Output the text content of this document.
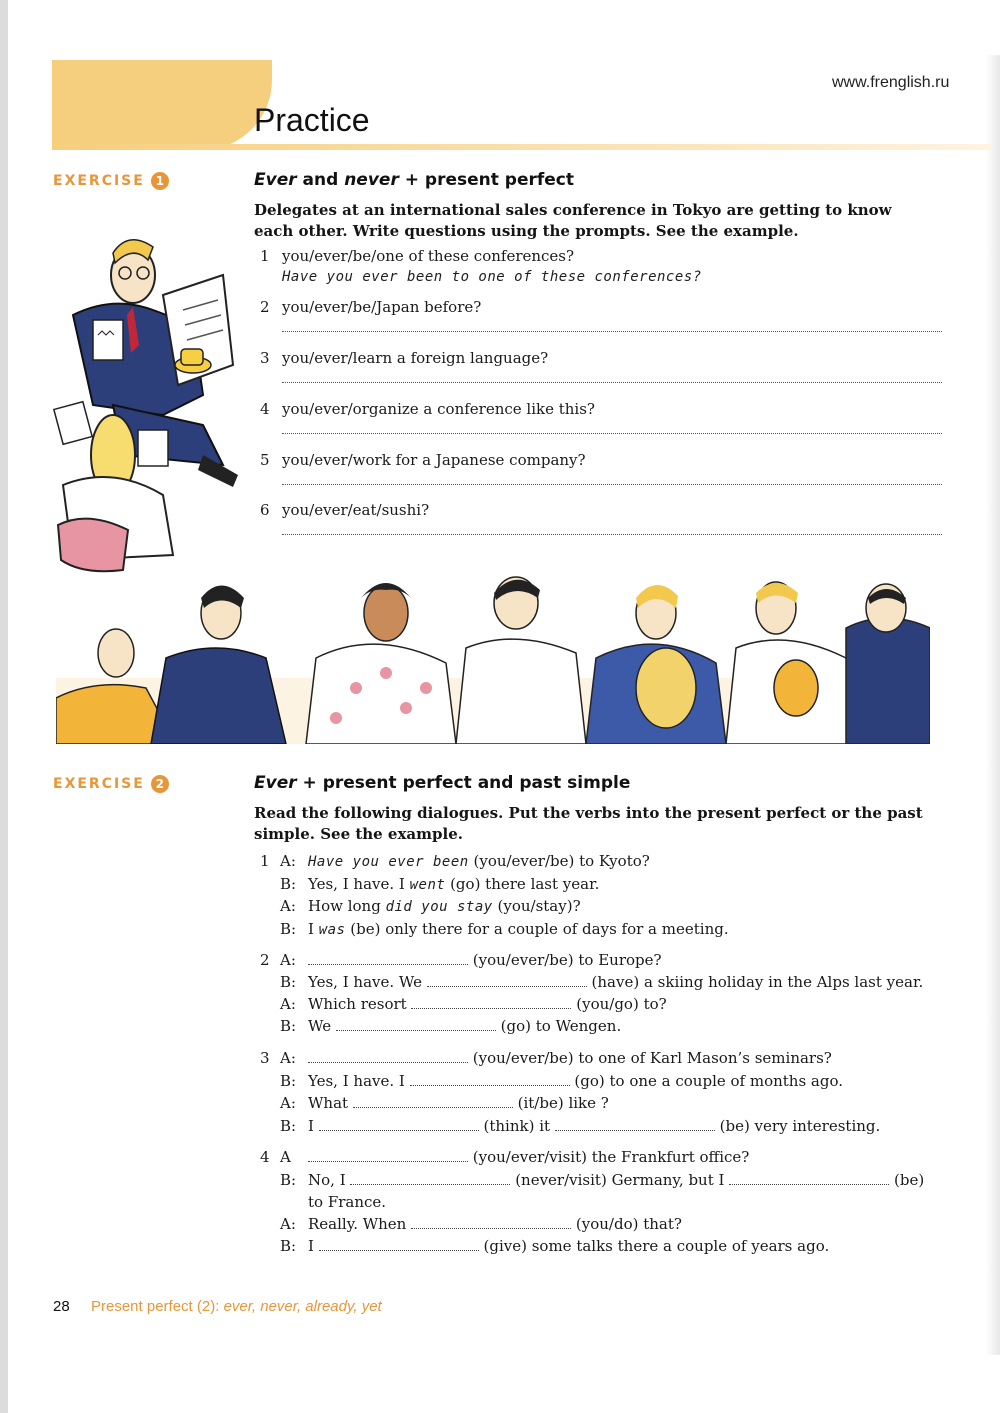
www.frenglish.ru
Practice
EXERCISE 1	Ever and never + present perfect

Delegates at an international sales conference in Tokyo are getting to know each other. Write questions using the prompts. See the example.

1 you/ever/be/one of these conferences?
Have you ever been to one of these conferences?
2 you/ever/be/Japan before?
3 you/ever/learn a foreign language?
4 you/ever/organize a conference like this?
5 you/ever/work for a Japanese company?
6 you/ever/eat/sushi?
EXERCISE 2	Ever + present perfect and past simple

Read the following dialogues. Put the verbs into the present perfect or the past simple. See the example.

1 A: Have you ever been (you/ever/be) to Kyoto?
B: Yes, I have. I went (go) there last year.
A: How long did you stay (you/stay)?
B: I was (be) only there for a couple of days for a meeting.
2 A:	(you/ever/be) to Europe?
B: Yes, I have. We	(have) a skiing holiday in the Alps last year.
A: Which resort	(you/go) to?
B: We	(go) to Wengen.
3 A:	(you/ever/be) to one of Karl Mason’s seminars?
B: Yes, I have. I	(go) to one a couple of months ago.
A: What	(it/be) like ?
B: I	(think) it	(be) very interesting.
4 A	(you/ever/visit) the Frankfurt office?
B: No, I	(never/visit) Germany, but I	(be)
to France.
A: Really. When	(you/do) that?
B: I	(give) some talks there a couple of years ago.
28 Present perfect (2): ever, never, already, yet
